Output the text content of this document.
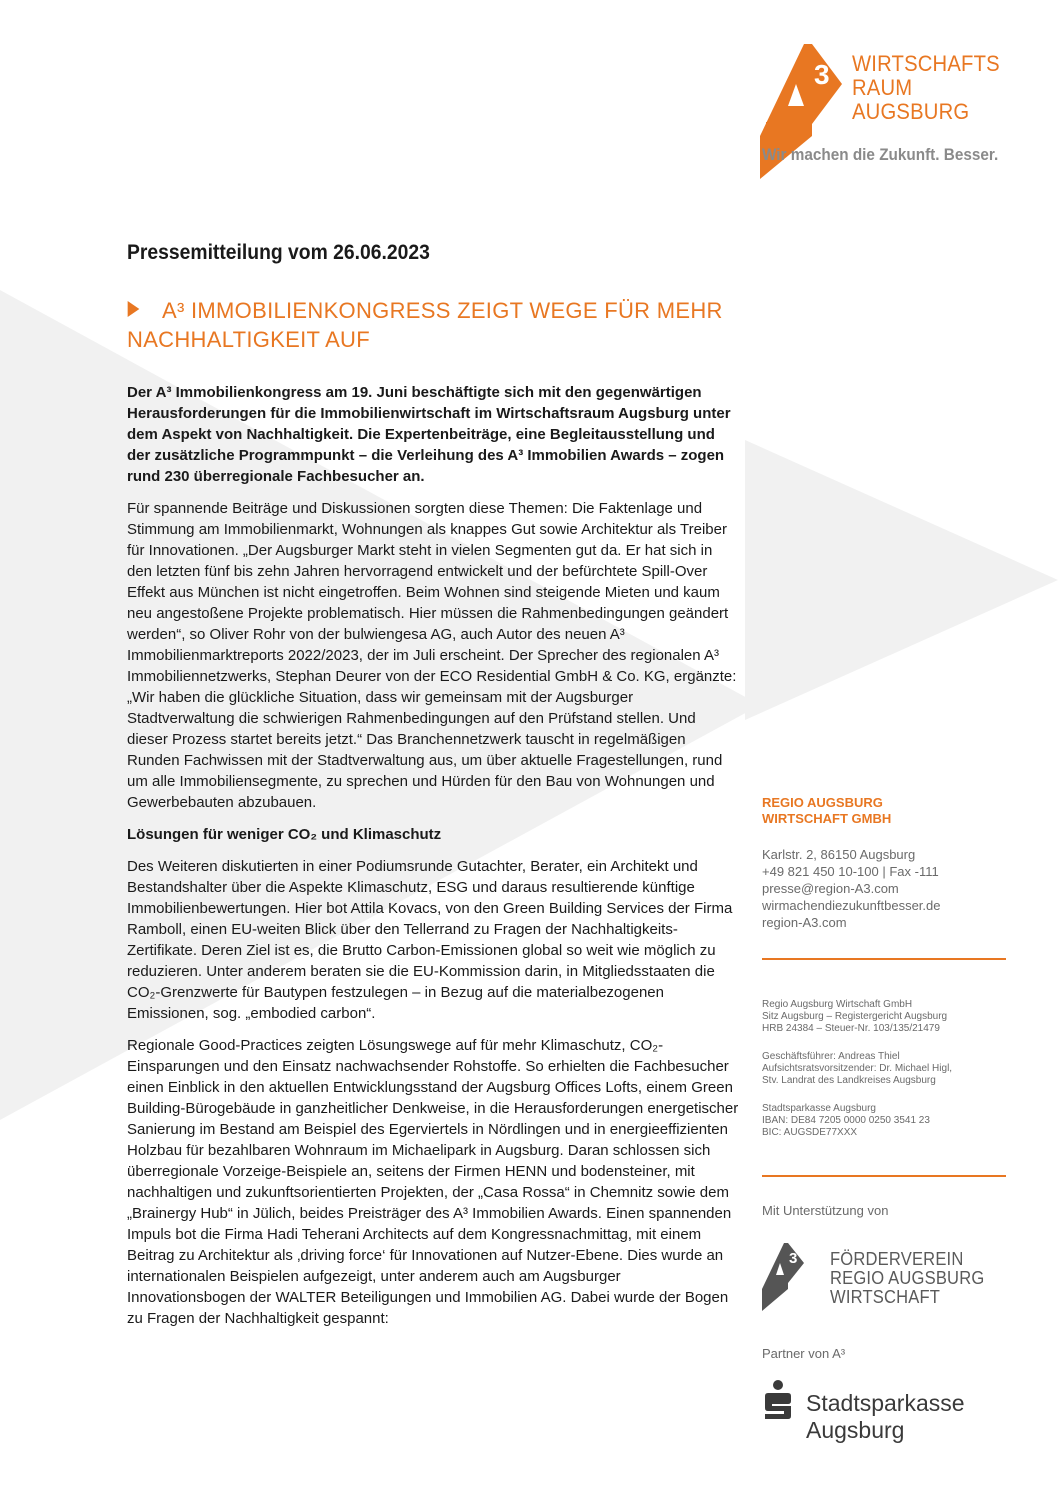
3 WIRTSCHAFTS
RAUM
AUGSBURG
Wir machen die Zukunft. Besser.
Pressemitteilung vom 26.06.2023
A³ IMMOBILIENKONGRESS ZEIGT WEGE FÜR MEHR NACHHALTIGKEIT AUF

Der A³ Immobilienkongress am 19. Juni beschäftigte sich mit den gegenwärtigen Herausforderungen für die Immobilienwirtschaft im Wirtschaftsraum Augsburg unter dem Aspekt von Nachhaltigkeit. Die Expertenbeiträge, eine Begleitausstellung und der zusätzliche Programmpunkt – die Verleihung des A³ Immobilien Awards – zogen rund 230 überregionale Fachbesucher an.

Für spannende Beiträge und Diskussionen sorgten diese Themen: Die Faktenlage und Stimmung am Immobilienmarkt, Wohnungen als knappes Gut sowie Architektur als Treiber für Innovationen. „Der Augsburger Markt steht in vielen Segmenten gut da. Er hat sich in den letzten fünf bis zehn Jahren hervorragend entwickelt und der befürchtete Spill-Over Effekt aus München ist nicht eingetroffen. Beim Wohnen sind steigende Mieten und kaum neu angestoßene Projekte problematisch. Hier müssen die Rahmenbedingungen geändert werden“, so Oliver Rohr von der bulwiengesa AG, auch Autor des neuen A³ Immobilienmarktreports 2022/2023, der im Juli erscheint. Der Sprecher des regionalen A³ Immobiliennetzwerks, Stephan Deurer von der ECO Residential GmbH & Co. KG, ergänzte: „Wir haben die glückliche Situation, dass wir gemeinsam mit der Augsburger Stadtverwaltung die schwierigen Rahmenbedingungen auf den Prüfstand stellen. Und dieser Prozess startet bereits jetzt.“ Das Branchennetzwerk tauscht in regelmäßigen Runden Fachwissen mit der Stadtverwaltung aus, um über aktuelle Fragestellungen, rund um alle Immobiliensegmente, zu sprechen und Hürden für den Bau von Wohnungen und Gewerbebauten abzubauen.

Lösungen für weniger CO₂ und Klimaschutz

Des Weiteren diskutierten in einer Podiumsrunde Gutachter, Berater, ein Architekt und Bestandshalter über die Aspekte Klimaschutz, ESG und daraus resultierende künftige Immobilienbewertungen. Hier bot Attila Kovacs, von den Green Building Services der Firma Ramboll, einen EU-weiten Blick über den Tellerrand zu Fragen der Nachhaltigkeits-Zertifikate. Deren Ziel ist es, die Brutto Carbon-Emissionen global so weit wie möglich zu reduzieren. Unter anderem beraten sie die EU-Kommission darin, in Mitgliedsstaaten die CO₂-Grenzwerte für Bautypen festzulegen – in Bezug auf die materialbezogenen Emissionen, sog. „embodied carbon“.

Regionale Good-Practices zeigten Lösungswege auf für mehr Klimaschutz, CO₂-Einsparungen und den Einsatz nachwachsender Rohstoffe. So erhielten die Fachbesucher einen Einblick in den aktuellen Entwicklungsstand der Augsburg Offices Lofts, einem Green Building-Bürogebäude in ganzheitlicher Denkweise, in die Herausforderungen energetischer Sanierung im Bestand am Beispiel des Egerviertels in Nördlingen und in energieeffizienten Holzbau für bezahlbaren Wohnraum im Michaelipark in Augsburg. Daran schlossen sich überregionale Vorzeige-Beispiele an, seitens der Firmen HENN und bodensteiner, mit nachhaltigen und zukunftsorientierten Projekten, der „Casa Rossa“ in Chemnitz sowie dem „Brainergy Hub“ in Jülich, beides Preisträger des A³ Immobilien Awards. Einen spannenden Impuls bot die Firma Hadi Teherani Architects auf dem Kongressnachmittag, mit einem Beitrag zu Architektur als ‚driving force‘ für Innovationen auf Nutzer-Ebene. Dies wurde an internationalen Beispielen aufgezeigt, unter anderem auch am Augsburger Innovationsbogen der WALTER Beteiligungen und Immobilien AG. Dabei wurde der Bogen zu Fragen der Nachhaltigkeit gespannt:

REGIO AUGSBURG
WIRTSCHAFT GMBH
Karlstr. 2, 86150 Augsburg
+49 821 450 10-100 | Fax -111
presse@region-A3.com
wirmachendiezukunftbesser.de
region-A3.com
Regio Augsburg Wirtschaft GmbH
Sitz Augsburg – Registergericht Augsburg
HRB 24384 – Steuer-Nr. 103/135/21479
Geschäftsführer: Andreas Thiel
Aufsichtsratsvorsitzender: Dr. Michael Higl,
Stv. Landrat des Landkreises Augsburg
Stadtsparkasse Augsburg
IBAN: DE84 7205 0000 0250 3541 23
BIC: AUGSDE77XXX
Mit Unterstützung von
3 FÖRDERVEREIN
REGIO AUGSBURG
WIRTSCHAFT
Partner von A³
Stadtsparkasse
Augsburg
